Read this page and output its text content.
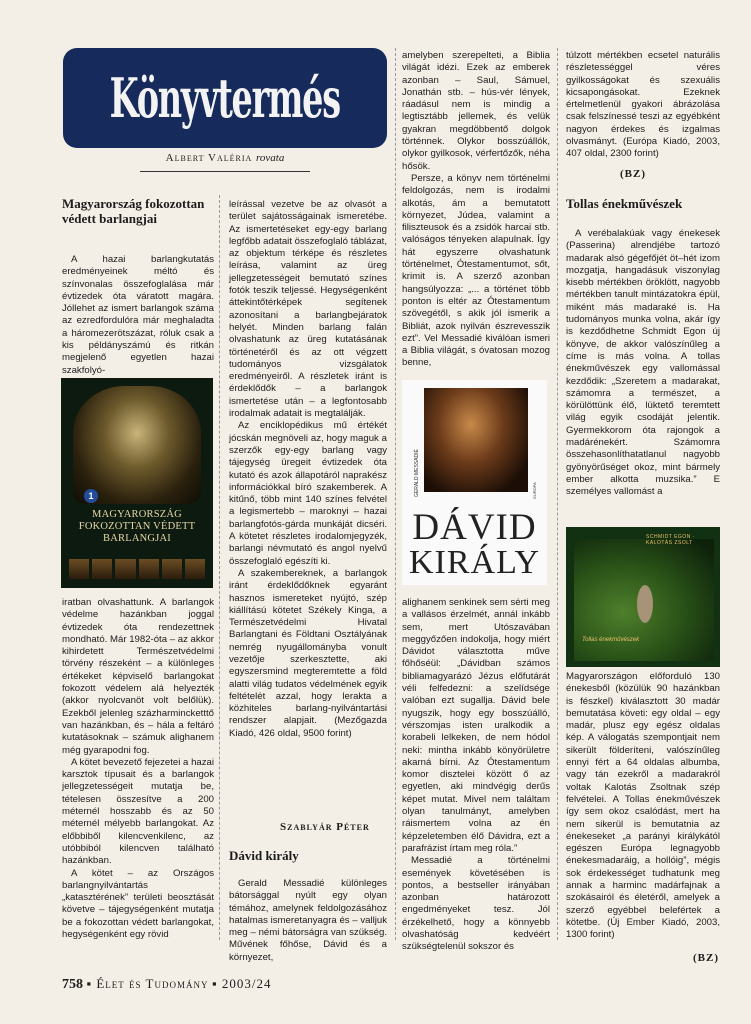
Könyvtermés
Albert Valéria rovata
Magyarország fokozottan védett barlangjai

A hazai barlangkutatás eredményeinek méltó és színvonalas összefoglalása már évtizedek óta váratott magára. Jóllehet az ismert barlangok száma az ezredfordulóra már meghaladta a háromezerötszázat, róluk csak a kis példányszámú és ritkán megjelenő egyetlen hazai szakfolyó-

1
MAGYARORSZÁG FOKOZOTTAN VÉDETT BARLANGJAI

iratban olvashattunk. A barlangok védelme hazánkban joggal évtizedek óta rendezettnek mondható. Már 1982-óta – az akkor kihirdetett Természetvédelmi törvény részeként – a különleges értékeket képviselő barlangokat fokozott védelem alá helyezték (akkor nyolcvanöt volt belőlük). Ezekből jelenleg százharmincketttő van hazánkban, és – hála a feltáró kutatásoknak – számuk alighanem még gyarapodni fog.

A kötet bevezető fejezetei a hazai karsztok típusait és a barlangok jellegzetességeit mutatja be, tételesen összesítve a 200 méternél hosszabb és az 50 méternél mélyebb barlangokat. Az előbbiből kilencvenkilenc, az utóbbiból kilencven található hazánkban.

A kötet – az Országos barlangnyilvántartás „katasztérének” területi beosztását követve – tájegységenként mutatja be a fokozottan védett barlangokat, hegységenként egy rövid

leírással vezetve be az olvasót a terület sajátosságainak ismeretébe. Az ismertetéseket egy-egy barlang legfőbb adatait összefoglaló táblázat, az objektum térképe és részletes leírása, valamint az üreg jellegzetességeit bemutató színes fotók teszik teljessé. Hegységenként áttekintőtérképek segítenek azonosítani a barlangbejáratok helyét. Minden barlang falán olvashatunk az üreg kutatásának történetéről és az ott végzett tudományos vizsgálatok eredményeiről. A részletek iránt is érdeklődők – a barlangok ismertetése után – a legfontosabb irodalmak adatait is megtalálják.

Az enciklopédikus mű értékét jócskán megnöveli az, hogy maguk a szerzők egy-egy barlang vagy tájegység üregeit évtizedek óta kutató és azok állapotáról naprakész információkkal bíró szakemberek. A kitűnő, több mint 140 színes felvétel a legismertebb – maroknyi – hazai barlangfotós-gárda munkáját dicséri. A kötetet részletes irodalomjegyzék, barlangi névmutató és angol nyelvű összefoglaló egészíti ki.

A szakembereknek, a barlangok iránt érdeklődőknek egyaránt hasznos ismereteket nyújtó, szép kiállítású kötetet Székely Kinga, a Természetvédelmi Hivatal Barlangtani és Földtani Osztályának nemrég nyugállományba vonult vezetője szerkesztette, aki egyszersmind megteremtette a föld alatti világ tudatos védelmének egyik feltételét azzal, hogy lerakta a közhiteles barlang-nyilvántartási rendszer alapjait. (Mezőgazda Kiadó, 426 oldal, 9500 forint)

Szablyár Péter
Dávid király

Gerald Messadié különleges bátorsággal nyúlt egy olyan témához, amelynek feldolgozásához hatalmas ismeretanyagra és – valljuk meg – némi bátorságra van szükség. Művének főhőse, Dávid és a környezet,

amelyben szerepelteti, a Biblia világát idézi. Ezek az emberek azonban – Saul, Sámuel, Jonathán stb. – hús-vér lények, ráadásul nem is mindig a legtisztább jellemek, és velük gyakran megdöbbentő dolgok történnek. Olykor bosszúállók, olykor gyilkosok, vérfertőzők, néha hősök.

Persze, a könyv nem történelmi feldolgozás, nem is irodalmi alkotás, ám a bemutatott környezet, Júdea, valamint a filiszteusok és a zsidók harcai stb. valóságos tényeken alapulnak. Így hát egyszerre olvashatunk történelmet, Ótestamentumot, sőt, krimit is. A szerző azonban hangsúlyozza: „... a történet több ponton is eltér az Ótestamentum szövegétől, s akik jól ismerik a Bibliát, azok nyilván észrevesszik ezt”. Vel Messadié kiválóan ismeri a Biblia világát, s óvatosan mozog benne,

GERALD MESSADIÉ	EUROPA
DÁVID
KIRÁLY

alighanem senkinek sem sérti meg a vallásos érzelmét, annál inkább sem, mert Utószavában meggyőzően indokolja, hogy miért Dávidot választotta műve főhőséül: „Dávidban számos bibliamagyarázó Jézus előfutárát véli felfedezni: a szelídsége valóban ezt sugallja. Dávid bele nyugszik, hogy egy bosszúálló, vérszomjas isten uralkodik a korabeli lelkeken, de nem hódol neki: mintha inkább könyörületre akarná bírni. Az Ótestamentum komor disztelei között ő az egyetlen, aki mindvégig derűs képet mutat. Mivel nem találtam olyan tanulmányt, amelyben ráismertem volna az én képzeletemben élő Dávidra, ezt a parafrázist írtam meg róla.”

Messadié a történelmi események követésében is pontos, a bestseller irányában azonban határozott engedményeket tesz. Jól érzékelhető, hogy a könnyebb olvashatóság kedvéért szükségtelenül sokszor és

túlzott mértékben ecsetel naturális részletességgel véres gyilkosságokat és szexuális kicsapongásokat. Ezeknek értelmetlenül gyakori ábrázolása csak felszínessé teszi az egyébként nagyon érdekes és izgalmas olvasmányt. (Európa Kiadó, 2003, 407 oldal, 2300 forint)

(BZ)
Tollas énekművészek

A verébalakúak vagy énekesek (Passerina) alrendjébe tartozó madarak alsó gégefőjét öt–hét izom mozgatja, hangadásuk viszonylag kisebb mértékben öröklött, nagyobb mértékben tanult mintázatokra épül, miként más madaraké is. Ha tudományos munka volna, akár így is kezdődhetne Schmidt Egon új könyve, de akkor valószínűleg a címe is más volna. A tollas énekművészek egy vallomással kezdődik: „Szeretem a madarakat, számomra a természet, a körülöttünk élő, lüktető teremtett világ egyik csodáját jelentik. Gyermekkorom óta rajongok a madárénekért. Számomra összehasonlíthatatlanul nagyobb gyönyörűséget okoz, mint bármely ember alkotta muzsika.” E személyes vallomást a

SCHMIDT EGON · KALOTÁS ZSOLT
Tollas énekművészek

Magyarországon előforduló 130 énekesből (közülük 90 hazánkban is fészkel) kiválasztott 30 madár bemutatása követi: egy oldal – egy madár, plusz egy egész oldalas kép. A válogatás szempontjait nem sikerült földeríteni, valószínűleg ennyi fért a 64 oldalas albumba, vagy tán ezekről a madarakról voltak Kalotás Zsoltnak szép felvételei. A Tollas énekművészek így sem okoz csalódást, mert ha nem sikerül is bemutatnia az énekeseket „a parányi királykától egészen Európa legnagyobb énekesmadaráig, a hollóig”, mégis sok érdekességet tudhatunk meg annak a harminc madárfajnak a szokásairól és életéről, amelyek a szerző egyébbel belefértek a kötetbe. (Új Ember Kiadó, 2003, 1300 forint)

(BZ)
758 ▪ Élet és Tudomány ▪ 2003/24
